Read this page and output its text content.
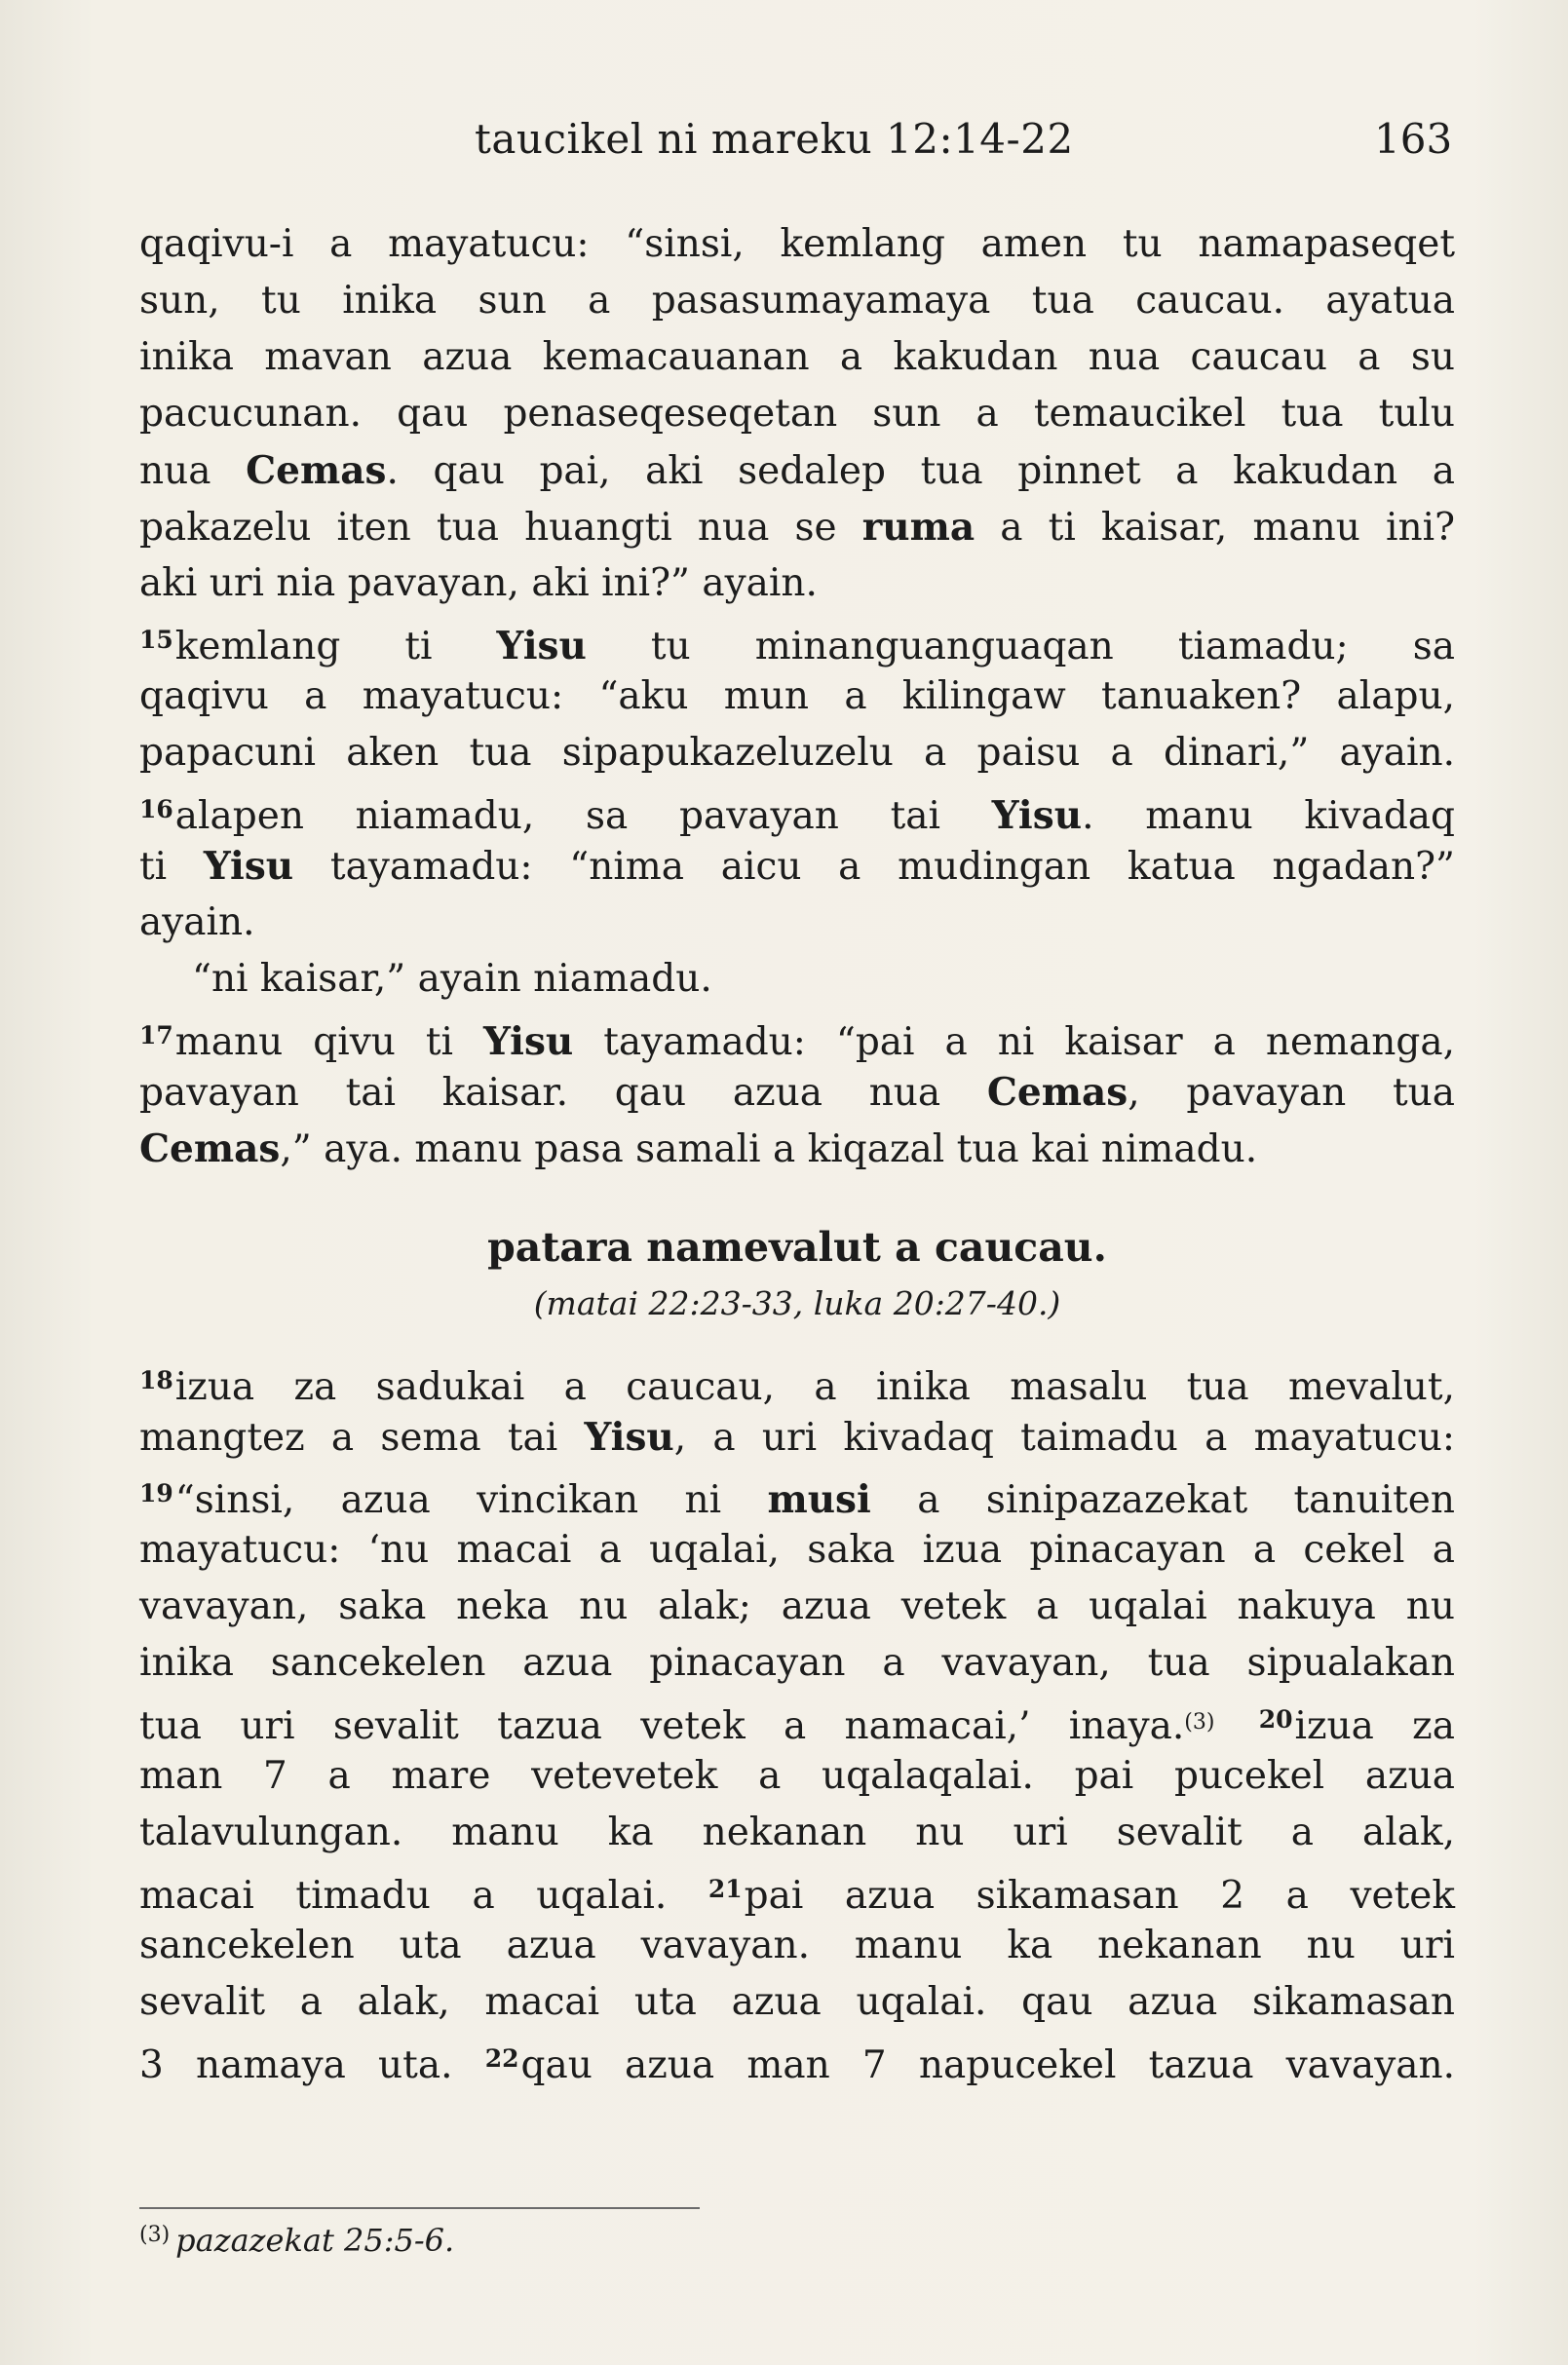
taucikel ni mareku 12:14-22	163
qaqivu-i a mayatucu: “sinsi, kemlang amen tu namapaseqet
sun, tu inika sun a pasasumayamaya tua caucau. ayatua
inika mavan azua kemacauanan a kakudan nua caucau a su
pacucunan. qau penaseqeseqetan sun a temaucikel tua tulu
nua Cemas. qau pai, aki sedalep tua pinnet a kakudan a
pakazelu iten tua huangti nua se ruma a ti kaisar, manu ini?
aki uri nia pavayan, aki ini?” ayain.
$^{15}$kemlang ti Yisu tu minanguanguaqan tiamadu; sa
qaqivu a mayatucu: “aku mun a kilingaw tanuaken? alapu,
papacuni aken tua sipapukazeluzelu a paisu a dinari,” ayain.
$^{16}$alapen niamadu, sa pavayan tai Yisu. manu kivadaq
ti Yisu tayamadu: “nima aicu a mudingan katua ngadan?”
ayain.
“ni kaisar,” ayain niamadu.
$^{17}$manu qivu ti Yisu tayamadu: “pai a ni kaisar a nemanga,
pavayan tai kaisar. qau azua nua Cemas, pavayan tua
Cemas,” aya. manu pasa samali a kiqazal tua kai nimadu.
patara namevalut a caucau.
(matai 22:23-33, luka 20:27-40.)
$^{18}$izua za sadukai a caucau, a inika masalu tua mevalut,
mangtez a sema tai Yisu, a uri kivadaq taimadu a mayatucu:
$^{19}$“sinsi, azua vincikan ni musi a sinipazazekat tanuiten
mayatucu: ‘nu macai a uqalai, saka izua pinacayan a cekel a
vavayan, saka neka nu alak; azua vetek a uqalai nakuya nu
inika sancekelen azua pinacayan a vavayan, tua sipualakan
tua uri sevalit tazua vetek a namacai,’ inaya.$^{(3)}$ $^{20}$izua za
man 7 a mare vetevetek a uqalaqalai. pai pucekel azua
talavulungan. manu ka nekanan nu uri sevalit a alak,
macai timadu a uqalai. $^{21}$pai azua sikamasan 2 a vetek
sancekelen uta azua vavayan. manu ka nekanan nu uri
sevalit a alak, macai uta azua uqalai. qau azua sikamasan
3 namaya uta. $^{22}$qau azua man 7 napucekel tazua vavayan.
$^{(3)}$ pazazekat 25:5-6.
